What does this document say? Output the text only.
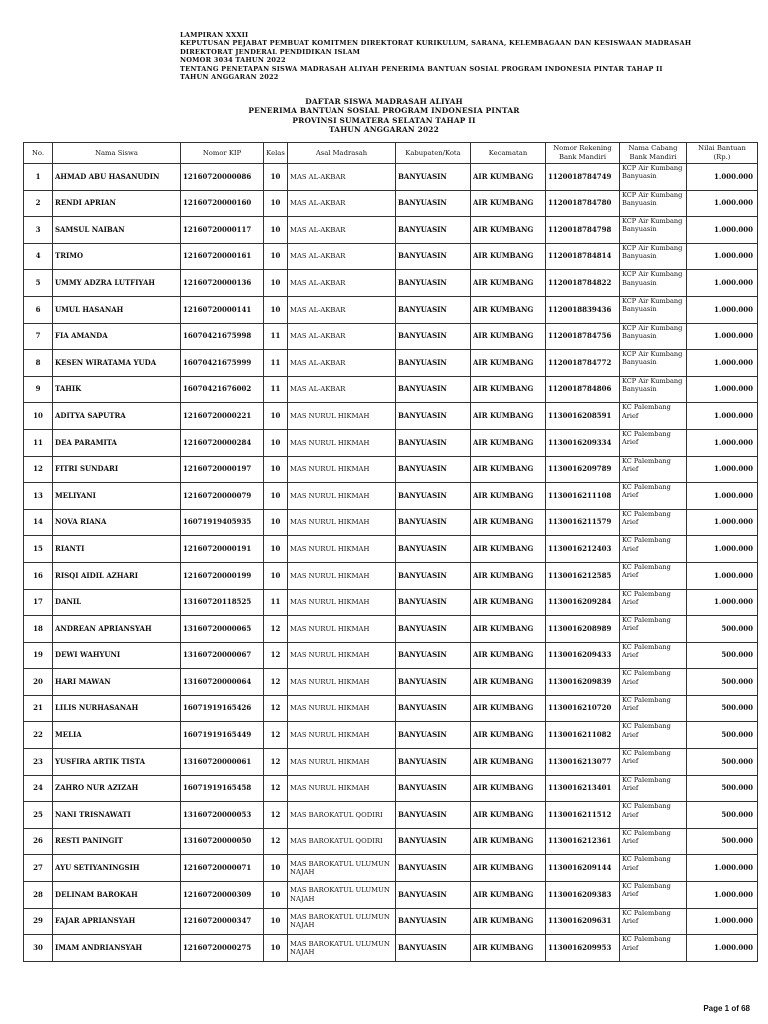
LAMPIRAN XXXII
KEPUTUSAN PEJABAT PEMBUAT KOMITMEN DIREKTORAT KURIKULUM, SARANA, KELEMBAGAAN DAN KESISWAAN MADRASAH
DIREKTORAT JENDERAL PENDIDIKAN ISLAM
NOMOR 3034 TAHUN 2022
TENTANG PENETAPAN SISWA MADRASAH ALIYAH PENERIMA BANTUAN SOSIAL PROGRAM INDONESIA PINTAR TAHAP II
TAHUN ANGGARAN 2022
DAFTAR SISWA MADRASAH ALIYAH
PENERIMA BANTUAN SOSIAL PROGRAM INDONESIA PINTAR
PROVINSI SUMATERA SELATAN TAHAP II
TAHUN ANGGARAN 2022
No.	Nama Siswa	Nomor KIP	Kelas	Asal Madrasah	Kabupaten/Kota	Kecamatan	Nomor Rekening Bank Mandiri	Nama Cabang Bank Mandiri	Nilai Bantuan (Rp.)
1	AHMAD ABU HASANUDIN	12160720000086	10	MAS AL-AKBAR	BANYUASIN	AIR KUMBANG	1120018784749	KCP Air Kumbang Banyuasin	1.000.000
2	RENDI APRIAN	12160720000160	10	MAS AL-AKBAR	BANYUASIN	AIR KUMBANG	1120018784780	KCP Air Kumbang Banyuasin	1.000.000
3	SAMSUL NAIBAN	12160720000117	10	MAS AL-AKBAR	BANYUASIN	AIR KUMBANG	1120018784798	KCP Air Kumbang Banyuasin	1.000.000
4	TRIMO	12160720000161	10	MAS AL-AKBAR	BANYUASIN	AIR KUMBANG	1120018784814	KCP Air Kumbang Banyuasin	1.000.000
5	UMMY ADZRA LUTFIYAH	12160720000136	10	MAS AL-AKBAR	BANYUASIN	AIR KUMBANG	1120018784822	KCP Air Kumbang Banyuasin	1.000.000
6	UMUL HASANAH	12160720000141	10	MAS AL-AKBAR	BANYUASIN	AIR KUMBANG	1120018839436	KCP Air Kumbang Banyuasin	1.000.000
7	FIA AMANDA	16070421675998	11	MAS AL-AKBAR	BANYUASIN	AIR KUMBANG	1120018784756	KCP Air Kumbang Banyuasin	1.000.000
8	KESEN WIRATAMA YUDA	16070421675999	11	MAS AL-AKBAR	BANYUASIN	AIR KUMBANG	1120018784772	KCP Air Kumbang Banyuasin	1.000.000
9	TAHIK	16070421676002	11	MAS AL-AKBAR	BANYUASIN	AIR KUMBANG	1120018784806	KCP Air Kumbang Banyuasin	1.000.000
10	ADITYA SAPUTRA	12160720000221	10	MAS NURUL HIKMAH	BANYUASIN	AIR KUMBANG	1130016208591	KC Palembang Arief	1.000.000
11	DEA PARAMITA	12160720000284	10	MAS NURUL HIKMAH	BANYUASIN	AIR KUMBANG	1130016209334	KC Palembang Arief	1.000.000
12	FITRI SUNDARI	12160720000197	10	MAS NURUL HIKMAH	BANYUASIN	AIR KUMBANG	1130016209789	KC Palembang Arief	1.000.000
13	MELIYANI	12160720000079	10	MAS NURUL HIKMAH	BANYUASIN	AIR KUMBANG	1130016211108	KC Palembang Arief	1.000.000
14	NOVA RIANA	16071919405935	10	MAS NURUL HIKMAH	BANYUASIN	AIR KUMBANG	1130016211579	KC Palembang Arief	1.000.000
15	RIANTI	12160720000191	10	MAS NURUL HIKMAH	BANYUASIN	AIR KUMBANG	1130016212403	KC Palembang Arief	1.000.000
16	RISQI AIDIL AZHARI	12160720000199	10	MAS NURUL HIKMAH	BANYUASIN	AIR KUMBANG	1130016212585	KC Palembang Arief	1.000.000
17	DANIL	13160720118525	11	MAS NURUL HIKMAH	BANYUASIN	AIR KUMBANG	1130016209284	KC Palembang Arief	1.000.000
18	ANDREAN APRIANSYAH	13160720000065	12	MAS NURUL HIKMAH	BANYUASIN	AIR KUMBANG	1130016208989	KC Palembang Arief	500.000
19	DEWI WAHYUNI	13160720000067	12	MAS NURUL HIKMAH	BANYUASIN	AIR KUMBANG	1130016209433	KC Palembang Arief	500.000
20	HARI MAWAN	13160720000064	12	MAS NURUL HIKMAH	BANYUASIN	AIR KUMBANG	1130016209839	KC Palembang Arief	500.000
21	LILIS NURHASANAH	16071919165426	12	MAS NURUL HIKMAH	BANYUASIN	AIR KUMBANG	1130016210720	KC Palembang Arief	500.000
22	MELIA	16071919165449	12	MAS NURUL HIKMAH	BANYUASIN	AIR KUMBANG	1130016211082	KC Palembang Arief	500.000
23	YUSFIRA ARTIK TISTA	13160720000061	12	MAS NURUL HIKMAH	BANYUASIN	AIR KUMBANG	1130016213077	KC Palembang Arief	500.000
24	ZAHRO NUR AZIZAH	16071919165458	12	MAS NURUL HIKMAH	BANYUASIN	AIR KUMBANG	1130016213401	KC Palembang Arief	500.000
25	NANI TRISNAWATI	13160720000053	12	MAS BAROKATUL QODIRI	BANYUASIN	AIR KUMBANG	1130016211512	KC Palembang Arief	500.000
26	RESTI PANINGIT	13160720000050	12	MAS BAROKATUL QODIRI	BANYUASIN	AIR KUMBANG	1130016212361	KC Palembang Arief	500.000
27	AYU SETIYANINGSIH	12160720000071	10	MAS BAROKATUL ULUMUN NAJAH	BANYUASIN	AIR KUMBANG	1130016209144	KC Palembang Arief	1.000.000
28	DELINAM BAROKAH	12160720000309	10	MAS BAROKATUL ULUMUN NAJAH	BANYUASIN	AIR KUMBANG	1130016209383	KC Palembang Arief	1.000.000
29	FAJAR APRIANSYAH	12160720000347	10	MAS BAROKATUL ULUMUN NAJAH	BANYUASIN	AIR KUMBANG	1130016209631	KC Palembang Arief	1.000.000
30	IMAM ANDRIANSYAH	12160720000275	10	MAS BAROKATUL ULUMUN NAJAH	BANYUASIN	AIR KUMBANG	1130016209953	KC Palembang Arief	1.000.000
Page 1 of 68
